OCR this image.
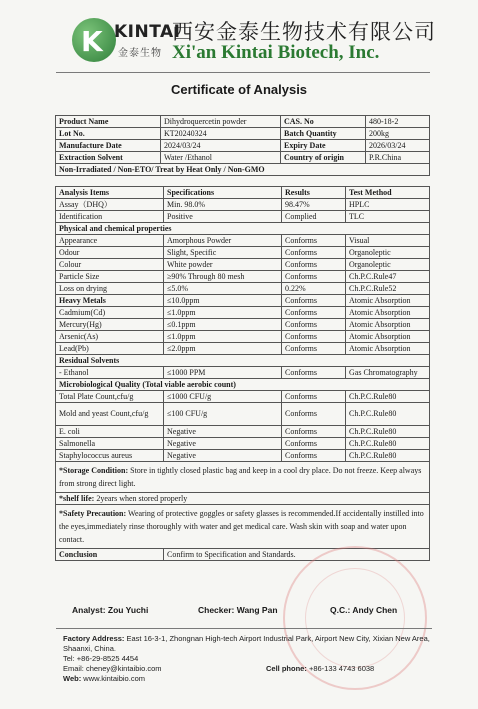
K KINTAI
金泰生物
西安金泰生物技术有限公司
Xi'an Kintai Biotech, Inc.
Certificate of Analysis
Product Name	Dihydroquercetin powder	CAS. No	480-18-2
Lot No.	KT20240324	Batch Quantity	200kg
Manufacture Date	2024/03/24	Expiry Date	2026/03/24
Extraction Solvent	Water /Ethanol	Country of origin	P.R.China
Non-Irradiated / Non-ETO/ Treat by Heat Only / Non-GMO			
Analysis Items	Specifications	Results	Test Method
Assay（DHQ）	Min. 98.0%	98.47%	HPLC
Identification	Positive	Complied	TLC
Physical and chemical properties			
Appearance	Amorphous Powder	Conforms	Visual
Odour	Slight, Specific	Conforms	Organoleptic
Colour	White powder	Conforms	Organoleptic
Particle Size	≥90% Through 80 mesh	Conforms	Ch.P.C.Rule47
Loss on drying	≤5.0%	0.22%	Ch.P.C.Rule52
Heavy Metals	≤10.0ppm	Conforms	Atomic Absorption
Cadmium(Cd)	≤1.0ppm	Conforms	Atomic Absorption
Mercury(Hg)	≤0.1ppm	Conforms	Atomic Absorption
Arsenic(As)	≤1.0ppm	Conforms	Atomic Absorption
Lead(Pb)	≤2.0ppm	Conforms	Atomic Absorption
Residual Solvents			
- Ethanol	≤1000 PPM	Conforms	Gas Chromatography
Microbiological Quality (Total viable aerobic count)			
Total Plate Count,cfu/g	≤1000 CFU/g	Conforms	Ch.P.C.Rule80
Mold and yeast Count,cfu/g	≤100 CFU/g	Conforms	Ch.P.C.Rule80
E. coli	Negative	Conforms	Ch.P.C.Rule80
Salmonella	Negative	Conforms	Ch.P.C.Rule80
Staphylococcus aureus	Negative	Conforms	Ch.P.C.Rule80
*Storage Condition: Store in tightly closed plastic bag and keep in a cool dry place. Do not freeze. Keep always from strong direct light.			
*shelf life: 2years when stored properly			
*Safety Precaution: Wearing of protective goggles or safety glasses is recommended.If accidentally instilled into the eyes,immediately rinse thoroughly with water and get medical care. Wash skin with soap and water upon contact.			
Conclusion	Confirm to Specification and Standards.		
Analyst: Zou Yuchi	Checker: Wang Pan	Q.C.: Andy Chen
Factory Address: East 16-3-1, Zhongnan High-tech Airport Industrial Park, Airport New City, Xixian New Area, Shaanxi, China.
Tel: +86-29-8525 4454
Cell phone: +86-133 4743 6038
Email: cheney@kintaibio.com
Web: www.kintaibio.com
